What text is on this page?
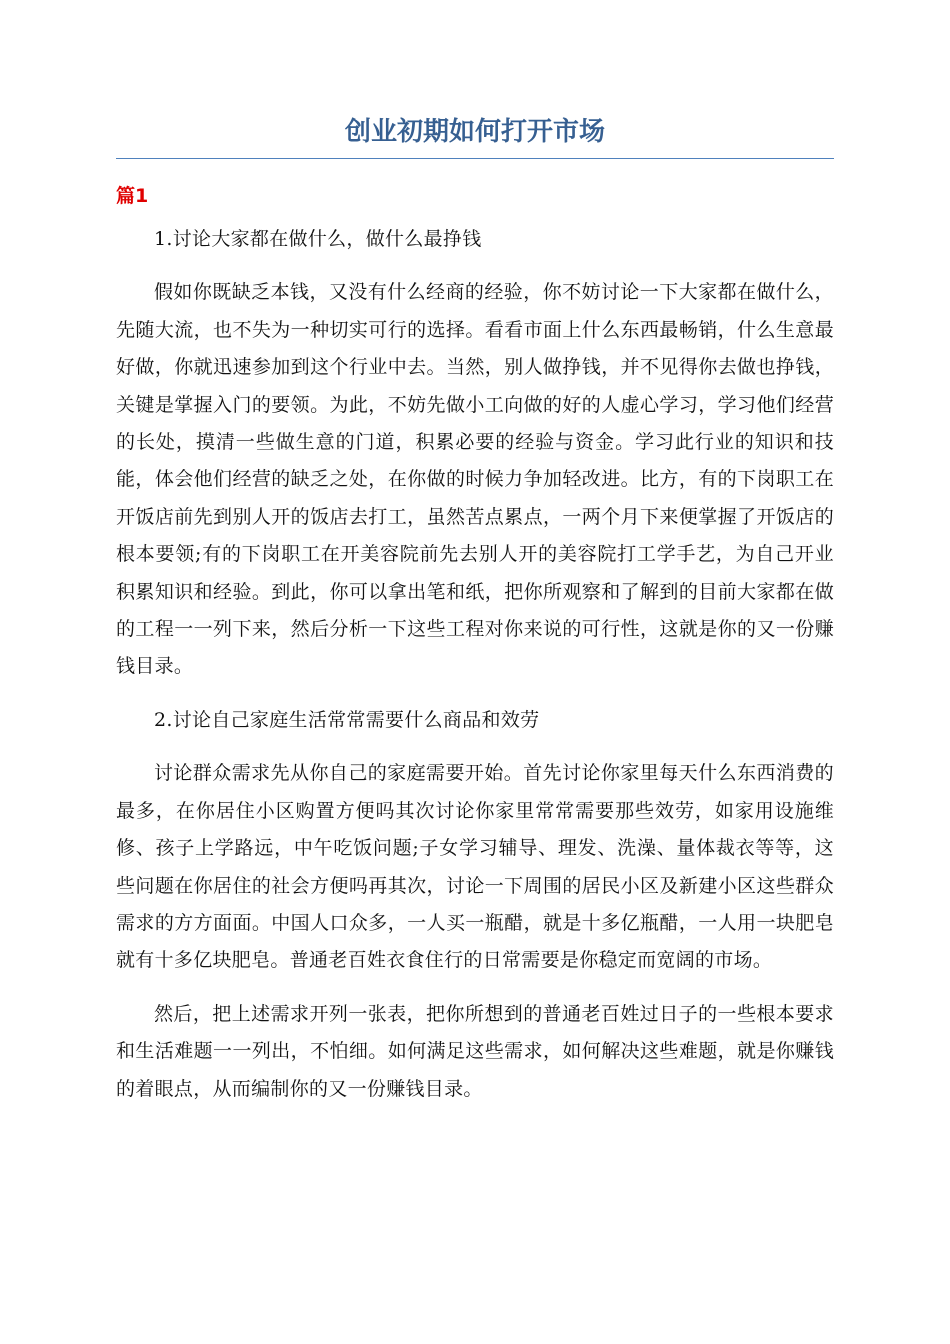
创业初期如何打开市场
篇1

1.讨论大家都在做什么，做什么最挣钱

假如你既缺乏本钱，又没有什么经商的经验，你不妨讨论一下大家都在做什么，先随大流，也不失为一种切实可行的选择。看看市面上什么东西最畅销，什么生意最好做，你就迅速参加到这个行业中去。当然，别人做挣钱，并不见得你去做也挣钱，关键是掌握入门的要领。为此，不妨先做小工向做的好的人虚心学习，学习他们经营的长处，摸清一些做生意的门道，积累必要的经验与资金。学习此行业的知识和技能，体会他们经营的缺乏之处，在你做的时候力争加轻改进。比方，有的下岗职工在开饭店前先到别人开的饭店去打工，虽然苦点累点，一两个月下来便掌握了开饭店的根本要领;有的下岗职工在开美容院前先去别人开的美容院打工学手艺，为自己开业积累知识和经验。到此，你可以拿出笔和纸，把你所观察和了解到的目前大家都在做的工程一一列下来，然后分析一下这些工程对你来说的可行性，这就是你的又一份赚钱目录。

2.讨论自己家庭生活常常需要什么商品和效劳

讨论群众需求先从你自己的家庭需要开始。首先讨论你家里每天什么东西消费的最多，在你居住小区购置方便吗其次讨论你家里常常需要那些效劳，如家用设施维修、孩子上学路远，中午吃饭问题;子女学习辅导、理发、洗澡、量体裁衣等等，这些问题在你居住的社会方便吗再其次，讨论一下周围的居民小区及新建小区这些群众需求的方方面面。中国人口众多，一人买一瓶醋，就是十多亿瓶醋，一人用一块肥皂就有十多亿块肥皂。普通老百姓衣食住行的日常需要是你稳定而宽阔的市场。

然后，把上述需求开列一张表，把你所想到的普通老百姓过日子的一些根本要求和生活难题一一列出，不怕细。如何满足这些需求，如何解决这些难题，就是你赚钱的着眼点，从而编制你的又一份赚钱目录。
